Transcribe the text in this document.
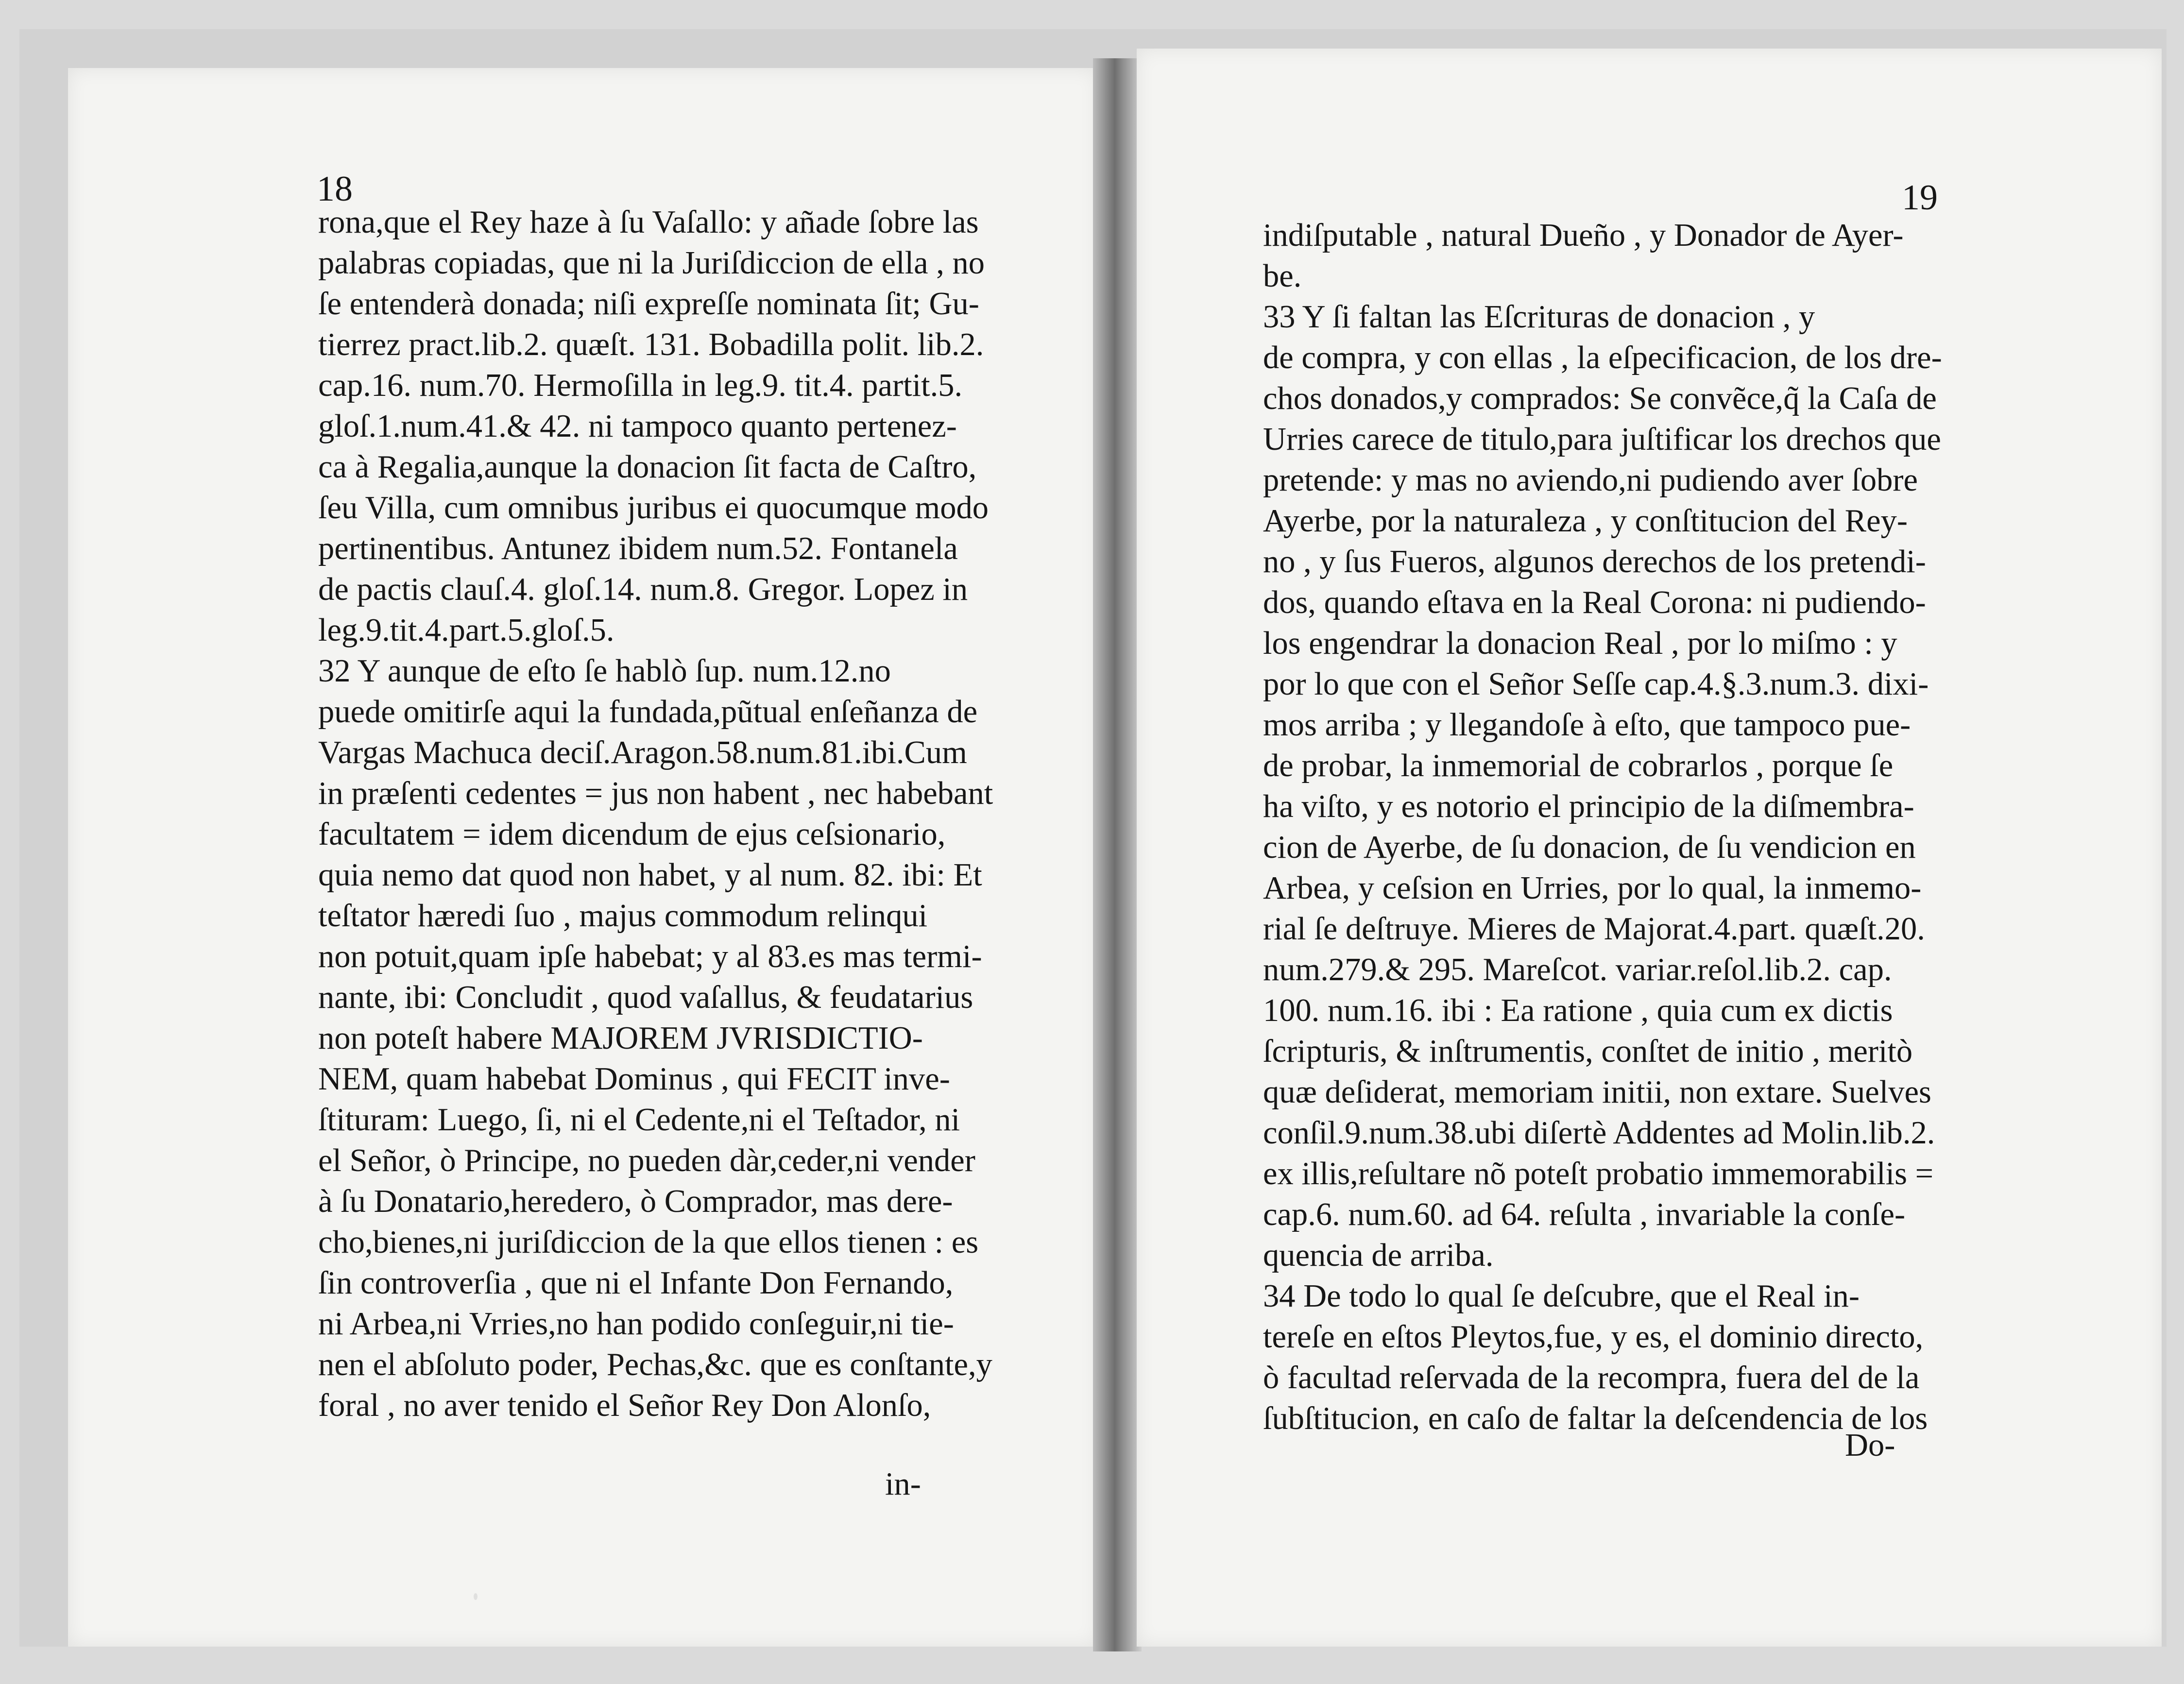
18
rona,que el Rey haze à ſu Vaſallo: y añade ſobre las
palabras copiadas, que ni la Juriſdiccion de ella , no
ſe entenderà donada; niſi expreſſe nominata ſit; Gu-
tierrez pract.lib.2. quæſt. 131. Bobadilla polit. lib.2.
cap.16. num.70. Hermoſilla in leg.9. tit.4. partit.5.
gloſ.1.num.41.& 42. ni tampoco quanto pertenez-
ca à Regalia,aunque la donacion ſit facta de Caſtro,
ſeu Villa, cum omnibus juribus ei quocumque modo
pertinentibus. Antunez ibidem num.52. Fontanela
de pactis clauſ.4. gloſ.14. num.8. Gregor. Lopez in
leg.9.tit.4.part.5.gloſ.5.
32 Y aunque de eſto ſe hablò ſup. num.12.no
puede omitirſe aqui la fundada,pũtual enſeñanza de
Vargas Machuca deciſ.Aragon.58.num.81.ibi.Cum
in præſenti cedentes = jus non habent , nec habebant
facultatem = idem dicendum de ejus ceſsionario,
quia nemo dat quod non habet, y al num. 82. ibi: Et
teſtator hæredi ſuo , majus commodum relinqui
non potuit,quam ipſe habebat; y al 83.es mas termi-
nante, ibi: Concludit , quod vaſallus, & feudatarius
non poteſt habere MAJOREM JVRISDICTIO-
NEM, quam habebat Dominus , qui FECIT inve-
ſtituram: Luego, ſi, ni el Cedente,ni el Teſtador, ni
el Señor, ò Principe, no pueden dàr,ceder,ni vender
à ſu Donatario,heredero, ò Comprador, mas dere-
cho,bienes,ni juriſdiccion de la que ellos tienen : es
ſin controverſia , que ni el Infante Don Fernando,
ni Arbea,ni Vrries,no han podido conſeguir,ni tie-
nen el abſoluto poder, Pechas,&c. que es conſtante,y
foral , no aver tenido el Señor Rey Don Alonſo,
in-
19
indiſputable , natural Dueño , y Donador de Ayer-
be.
33 Y ſi faltan las Eſcrituras de donacion , y
de compra, y con ellas , la eſpecificacion, de los dre-
chos donados,y comprados: Se convẽce,q̃ la Caſa de
Urries carece de titulo,para juſtificar los drechos que
pretende: y mas no aviendo,ni pudiendo aver ſobre
Ayerbe, por la naturaleza , y conſtitucion del Rey-
no , y ſus Fueros, algunos derechos de los pretendi-
dos, quando eſtava en la Real Corona: ni pudiendo-
los engendrar la donacion Real , por lo miſmo : y
por lo que con el Señor Seſſe cap.4.§.3.num.3. dixi-
mos arriba ; y llegandoſe à eſto, que tampoco pue-
de probar, la inmemorial de cobrarlos , porque ſe
ha viſto, y es notorio el principio de la diſmembra-
cion de Ayerbe, de ſu donacion, de ſu vendicion en
Arbea, y ceſsion en Urries, por lo qual, la inmemo-
rial ſe deſtruye. Mieres de Majorat.4.part. quæſt.20.
num.279.& 295. Mareſcot. variar.reſol.lib.2. cap.
100. num.16. ibi : Ea ratione , quia cum ex dictis
ſcripturis, & inſtrumentis, conſtet de initio , meritò
quæ deſiderat, memoriam initii, non extare. Suelves
conſil.9.num.38.ubi diſertè Addentes ad Molin.lib.2.
ex illis,reſultare nõ poteſt probatio immemorabilis =
cap.6. num.60. ad 64. reſulta , invariable la conſe-
quencia de arriba.
34 De todo lo qual ſe deſcubre, que el Real in-
tereſe en eſtos Pleytos,fue, y es, el dominio directo,
ò facultad reſervada de la recompra, fuera del de la
ſubſtitucion, en caſo de faltar la deſcendencia de los
Do-
